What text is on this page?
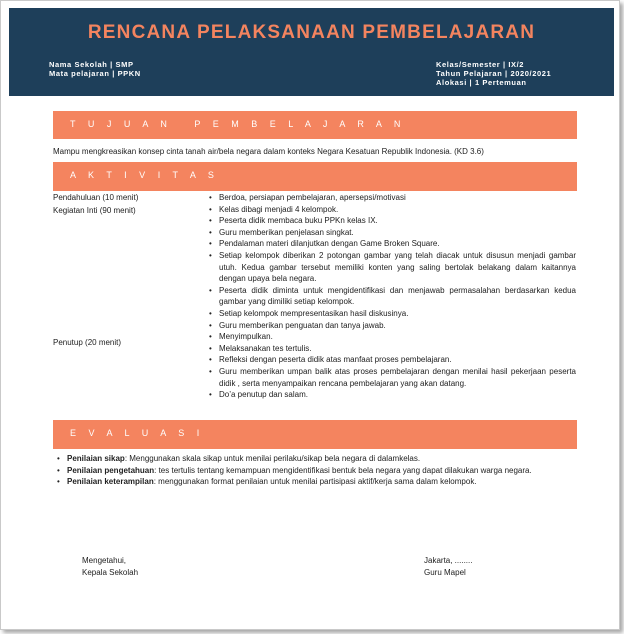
RENCANA PELAKSANAAN PEMBELAJARAN
Nama Sekolah | SMP
Mata pelajaran | PPKN
Kelas/Semester | IX/2
Tahun Pelajaran | 2020/2021
Alokasi | 1 Pertemuan
T U J U A N   P E M B E L A J A R A N
Mampu mengkreasikan konsep cinta tanah air/bela negara dalam konteks Negara Kesatuan Republik Indonesia. (KD 3.6)
A K T I V I T A S
Pendahuluan (10 menit)
Kegiatan Inti (90 menit)
Penutup (20 menit)
• Berdoa, persiapan pembelajaran, apersepsi/motivasi
• Kelas dibagi menjadi 4 kelompok.
• Peserta didik membaca buku PPKn kelas IX.
• Guru memberikan penjelasan singkat.
• Pendalaman materi dilanjutkan dengan Game Broken Square.
• Setiap kelompok diberikan 2 potongan gambar yang telah diacak untuk disusun menjadi gambar utuh. Kedua gambar tersebut memiliki konten yang saling bertolak belakang dalam kaitannya dengan upaya bela negara.
• Peserta didik diminta untuk mengidentifikasi dan menjawab permasalahan berdasarkan kedua gambar yang dimiliki setiap kelompok.
• Setiap kelompok mempresentasikan hasil diskusinya.
• Guru memberikan penguatan dan tanya jawab.
• Menyimpulkan.
• Melaksanakan tes tertulis.
• Refleksi dengan peserta didik atas manfaat proses pembelajaran.
• Guru memberikan umpan balik atas proses pembelajaran dengan menilai hasil pekerjaan peserta didik , serta menyampaikan rencana pembelajaran yang akan datang.
• Do’a penutup dan salam.
E V A L U A S I
• Penilaian sikap: Menggunakan skala sikap untuk menilai perilaku/sikap bela negara di dalamkelas.
• Penilaian pengetahuan: tes tertulis tentang kemampuan mengidentifikasi bentuk bela negara yang dapat dilakukan warga negara.
• Penilaian keterampilan: menggunakan format penilaian untuk menilai partisipasi aktif/kerja sama dalam kelompok.
Mengetahui,
Kepala Sekolah
Jakarta, ........
Guru Mapel
